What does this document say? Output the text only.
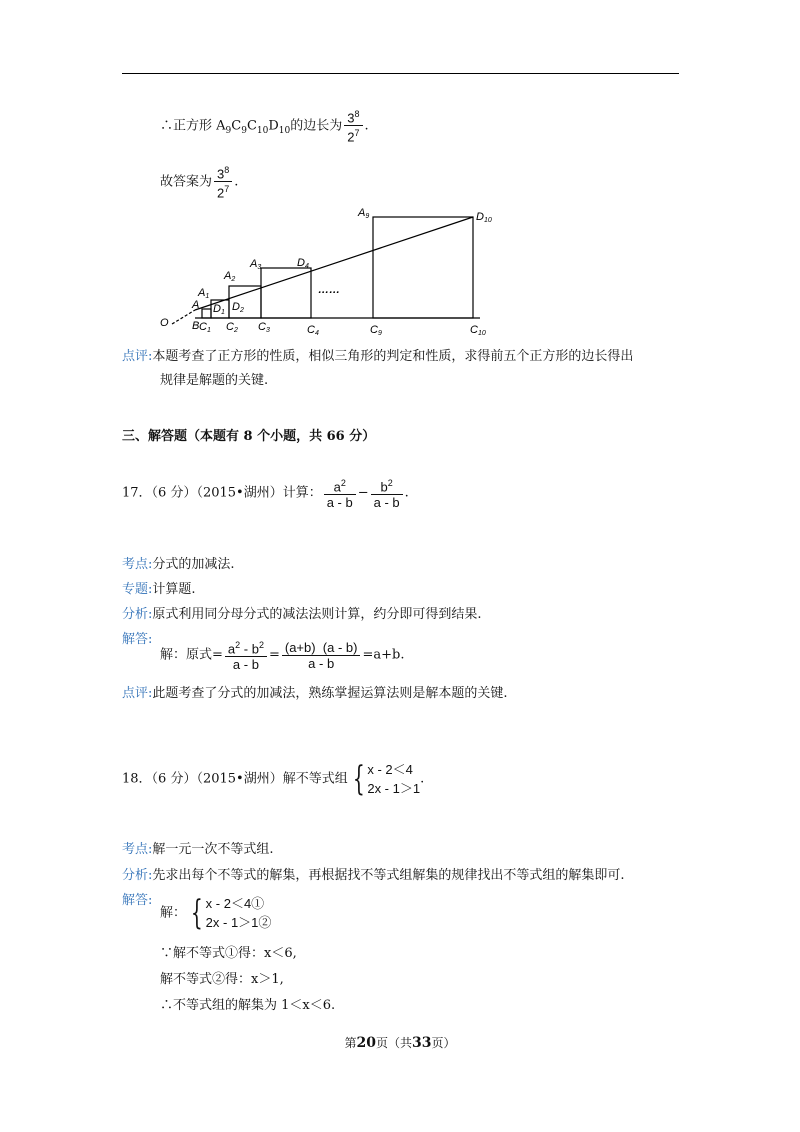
∴正方形 $A_9C_9C_{10}D_{10}$的边长为 $\frac{3^8}{2^7}$ .
故答案为 $\frac{3^8}{2^7}$ .
O B
A
A1
D1
C1
A2
D2
C2
A3
C3
D4
C4
A9
C9
D10
C10
……
点评:本题考查了正方形的性质，相似三角形的判定和性质，求得前五个正方形的边长得出
规律是解题的关键.
三、解答题（本题有 8 个小题，共 66 分）
17．（6 分）（2015•湖州）计算： $\frac{a^2}{a - b} - \frac{b^2}{a - b}$ .
考点:分式的加减法.
专题:计算题.
分析:原式利用同分母分式的减法法则计算，约分即可得到结果.
解答:
解：原式= $\frac{a^2 - b^2}{a - b} = \frac{(a+b) (a - b)}{a - b} =a+b$.
点评:此题考查了分式的加减法，熟练掌握运算法则是解本题的关键.
18．（6 分）（2015•湖州）解不等式组 { x - 2＜4
2x - 1＞1
.
考点:解一元一次不等式组.
分析:先求出每个不等式的解集，再根据找不等式组解集的规律找出不等式组的解集即可.
解答:
解： { x - 2＜4①
2x - 1＞1②
∵解不等式①得：x＜6,
解不等式②得：x＞1,
∴不等式组的解集为 1＜x＜6.
第20页（共33页）
